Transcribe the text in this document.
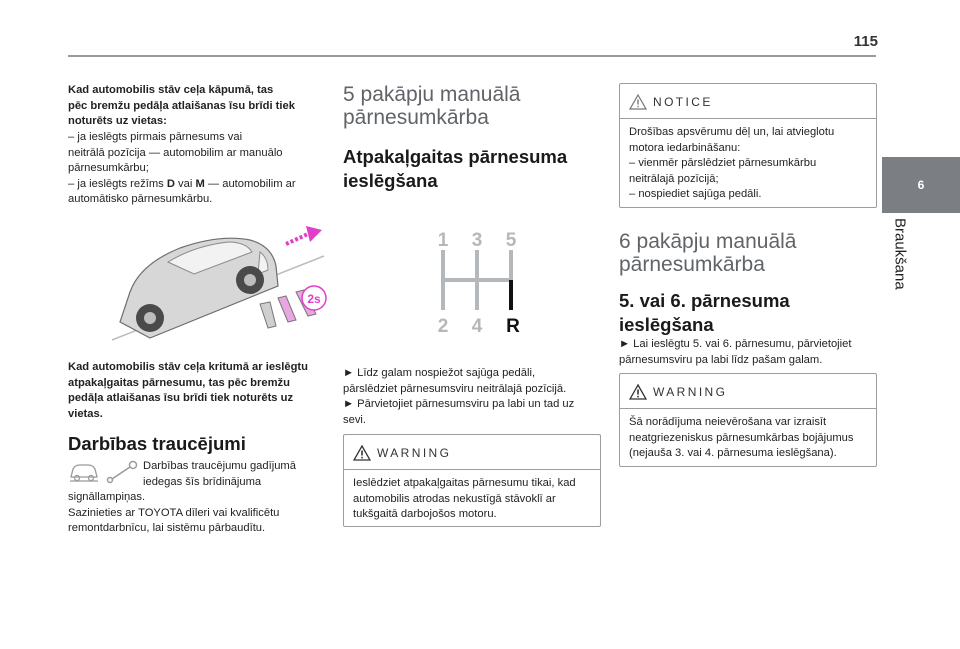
115
6
Braukšana
Kad automobilis stāv ceļa kāpumā, tas
pēc bremžu pedāļa atlaišanas īsu brīdi tiek
noturēts uz vietas:
– ja ieslēgts pirmais pārnesums vai
neitrālā pozīcija — automobilim ar manuālo
pārnesumkārbu;
– ja ieslēgts režīms D vai M — automobilim ar
automātisko pārnesumkārbu.
2s
Kad automobilis stāv ceļa kritumā ar ieslēgtu
atpakaļgaitas pārnesumu, tas pēc bremžu
pedāļa atlaišanas īsu brīdi tiek noturēts uz
vietas.
Darbības traucējumi
Darbības traucējumu gadījumā
iedegas šīs brīdinājuma
signāllampiņas.
Sazinieties ar TOYOTA dīleri vai kvalificētu
remontdarbnīcu, lai sistēmu pārbaudītu.
5 pakāpju manuālā
pārnesumkārba
Atpakaļgaitas pārnesuma
ieslēgšana
1 3 5
2 4 R
► Līdz galam nospiežot sajūga pedāli,
pārslēdziet pārnesumsviru neitrālajā pozīcijā.
► Pārvietojiet pārnesumsviru pa labi un tad uz
sevi.
WARNING
Ieslēdziet atpakaļgaitas pārnesumu tikai, kad
automobilis atrodas nekustīgā stāvoklī ar
tukšgaitā darbojošos motoru.
NOTICE
Drošības apsvērumu dēļ un, lai atvieglotu
motora iedarbināšanu:
– vienmēr pārslēdziet pārnesumkārbu
neitrālajā pozīcijā;
– nospiediet sajūga pedāli.
6 pakāpju manuālā
pārnesumkārba
5. vai 6. pārnesuma
ieslēgšana
► Lai ieslēgtu 5. vai 6. pārnesumu, pārvietojiet
pārnesumsviru pa labi līdz pašam galam.
WARNING
Šā norādījuma neievērošana var izraisīt
neatgriezeniskus pārnesumkārbas bojājumus
(nejauša 3. vai 4. pārnesuma ieslēgšana).
